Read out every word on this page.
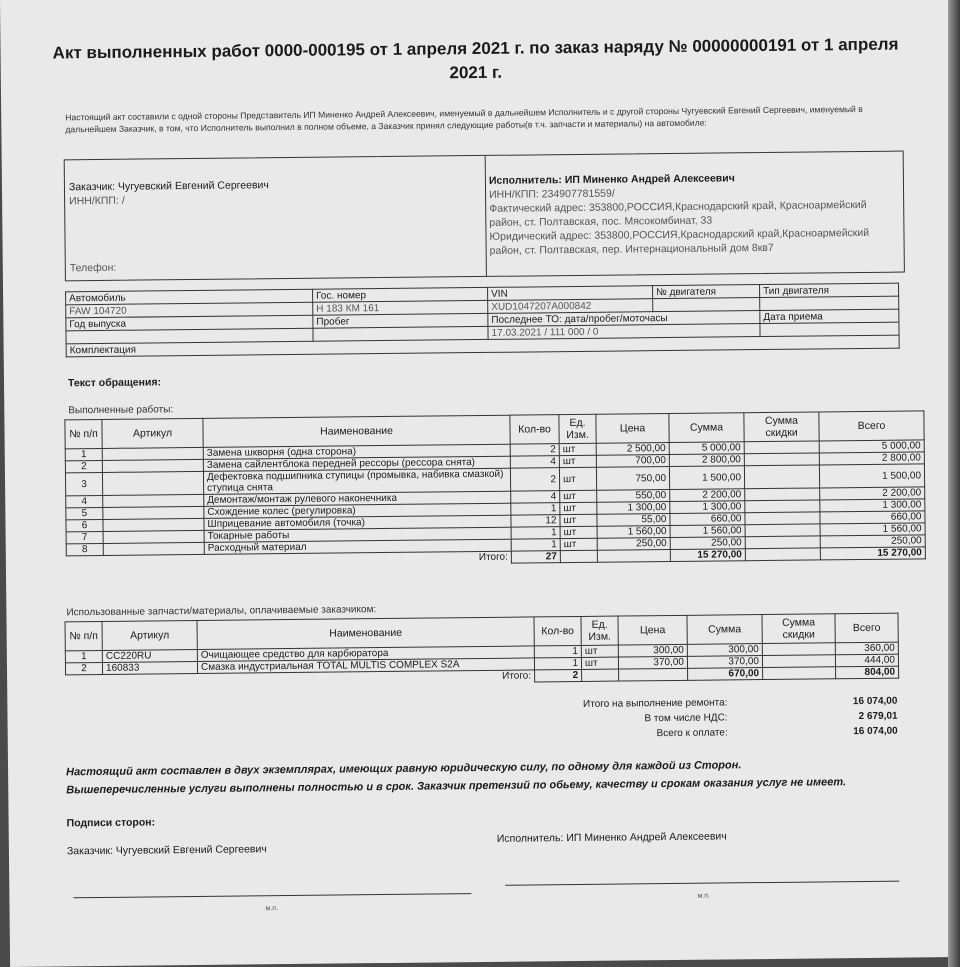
Акт выполненных работ 0000-000195 от 1 апреля 2021 г. по заказ наряду № 00000000191 от 1 апреля 2021 г.
Настоящий акт составили с одной стороны Представитель ИП Миненко Андрей Алексеевич, именуемый в дальнейшем Исполнитель и с другой стороны Чугуевский Евгений Сергеевич, именуемый в дальнейшем Заказчик, в том, что Исполнитель выполнил в полном объеме, а Заказчик принял следующие работы(в т.ч. запчасти и материалы) на автомобиле:
Заказчик: Чугуевский Евгений Сергеевич
ИНН/КПП: /
Телефон:
Исполнитель: ИП Миненко Андрей Алексеевич
ИНН/КПП: 234907781559/
Фактический адрес: 353800,РОССИЯ,Краснодарский край, Красноармейский район, ст. Полтавская, пос. Мясокомбинат, 33
Юридический адрес: 353800,РОССИЯ,Краснодарский край,Красноармейский район, ст. Полтавская, пер. Интернациональный дом 8кв7
Автомобиль	Гос. номер	VIN	№ двигателя	Тип двигателя
FAW 104720	Н 183 КМ 161	XUD1047207A000842		
Год выпуска	Пробег	Последнее ТО: дата/пробег/моточасы		Дата приема
		17.03.2021 / 111 000 / 0		
Комплектация				
Текст обращения:
Выполненные работы:
№ п/п	Артикул	Наименование	Кол-во	Ед. Изм.	Цена	Сумма	Сумма скидки	Всего
1		Замена шкворня (одна сторона)	2	шт	2 500,00	5 000,00		5 000,00
2		Замена сайлентблока передней рессоры (рессора снята)	4	шт	700,00	2 800,00		2 800,00
3		Дефектовка подшипника ступицы (промывка, набивка смазкой) ступица снята	2	шт	750,00	1 500,00		1 500,00
4		Демонтаж/монтаж рулевого наконечника	4	шт	550,00	2 200,00		2 200,00
5		Схождение колес (регулировка)	1	шт	1 300,00	1 300,00		1 300,00
6		Шприцевание автомобиля (точка)	12	шт	55,00	660,00		660,00
7		Токарные работы	1	шт	1 560,00	1 560,00		1 560,00
8		Расходный материал	1	шт	250,00	250,00		250,00
Итого:			27			15 270,00		15 270,00
Использованные запчасти/материалы, оплачиваемые заказчиком:
№ п/п	Артикул	Наименование	Кол-во	Ед. Изм.	Цена	Сумма	Сумма скидки	Всего
1	CC220RU	Очищающее средство для карбюратора	1	шт	300,00	300,00		360,00
2	160833	Смазка индустриальная TOTAL MULTIS COMPLEX S2A	1	шт	370,00	370,00		444,00
Итого:			2			670,00		804,00
Итого на выполнение ремонта:	16 074,00
В том числе НДС:	2 679,01
Всего к оплате:	16 074,00
Настоящий акт составлен в двух экземплярах, имеющих равную юридическую силу, по одному для каждой из Сторон.
Вышеперечисленные услуги выполнены полностью и в срок. Заказчик претензий по обьему, качеству и срокам оказания услуг не имеет.
Подписи сторон:
Заказчик: Чугуевский Евгений Сергеевич
Исполнитель: ИП Миненко Андрей Алексеевич
м.п.
м.п.
